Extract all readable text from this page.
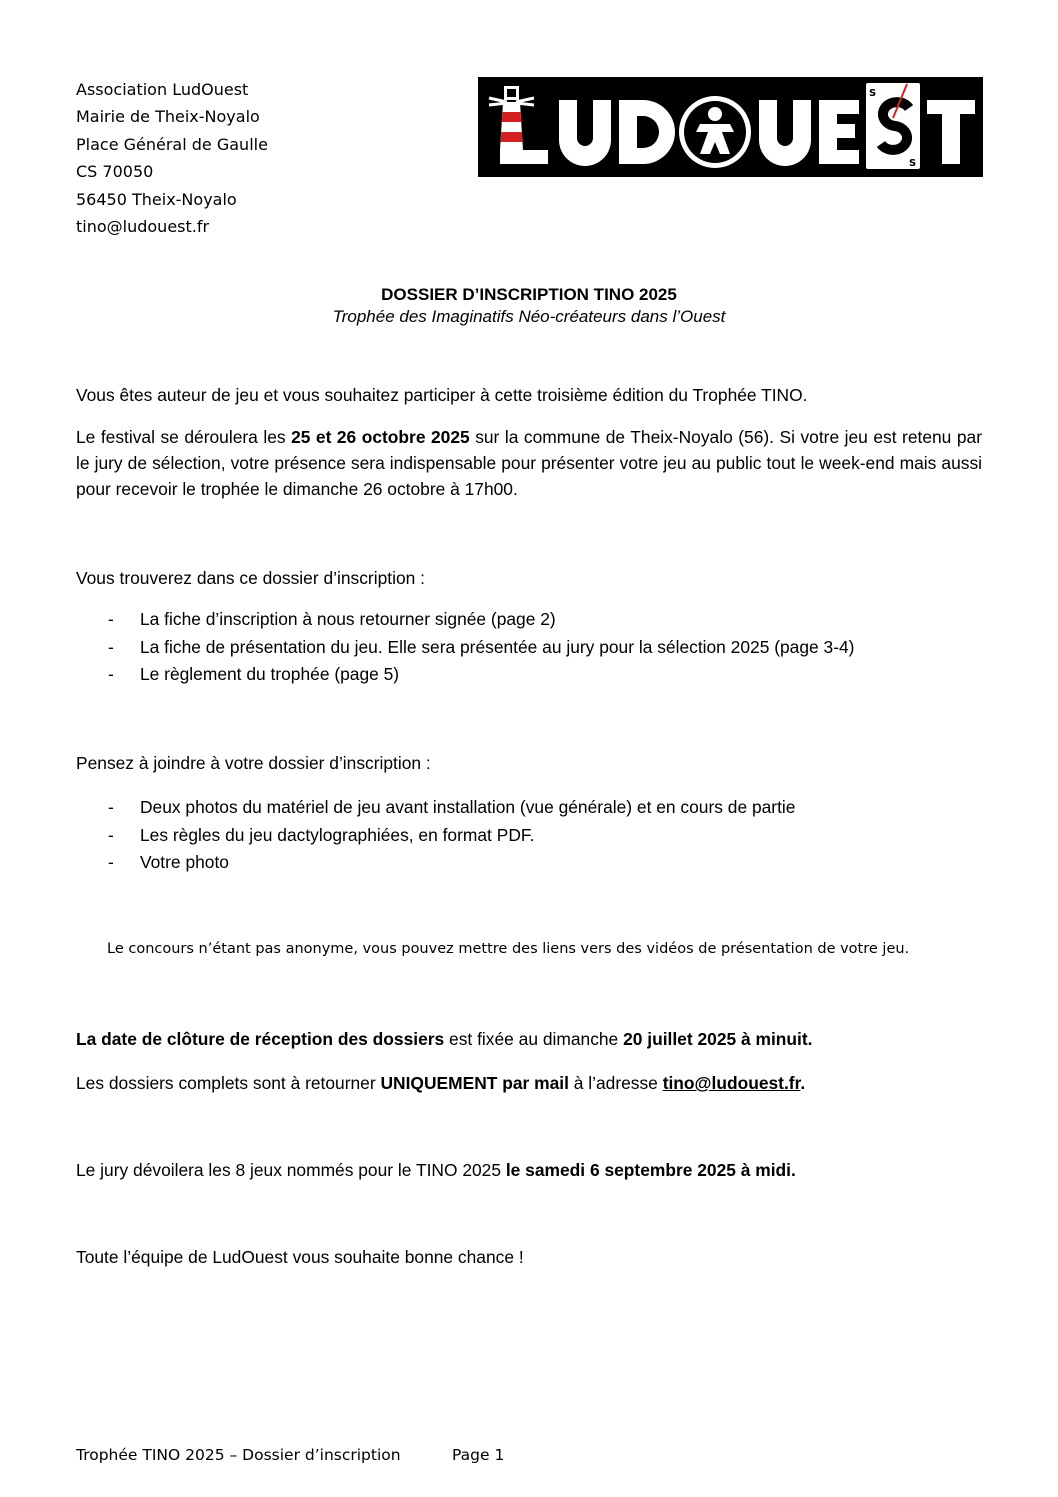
Association LudOuest
Mairie de Theix-Noyalo
Place Général de Gaulle
CS 70050
56450 Theix-Noyalo
tino@ludouest.fr
S
S
DOSSIER D’INSCRIPTION TINO 2025
Trophée des Imaginatifs Néo-créateurs dans l’Ouest
Vous êtes auteur de jeu et vous souhaitez participer à cette troisième édition du Trophée TINO.
Le festival se déroulera les 25 et 26 octobre 2025 sur la commune de Theix-Noyalo (56). Si votre jeu est retenu par le jury de sélection, votre présence sera indispensable pour présenter votre jeu au public tout le week-end mais aussi pour recevoir le trophée le dimanche 26 octobre à 17h00.
Vous trouverez dans ce dossier d’inscription :
- La fiche d’inscription à nous retourner signée (page 2)
- La fiche de présentation du jeu. Elle sera présentée au jury pour la sélection 2025 (page 3-4)
- Le règlement du trophée (page 5)
Pensez à joindre à votre dossier d’inscription :
- Deux photos du matériel de jeu avant installation (vue générale) et en cours de partie
- Les règles du jeu dactylographiées, en format PDF.
- Votre photo
Le concours n’étant pas anonyme, vous pouvez mettre des liens vers des vidéos de présentation de votre jeu.
La date de clôture de réception des dossiers est fixée au dimanche 20 juillet 2025 à minuit.
Les dossiers complets sont à retourner UNIQUEMENT par mail à l’adresse tino@ludouest.fr.
Le jury dévoilera les 8 jeux nommés pour le TINO 2025 le samedi 6 septembre 2025 à midi.
Toute l’équipe de LudOuest vous souhaite bonne chance !
Trophée TINO 2025 – Dossier d’inscription	Page 1
